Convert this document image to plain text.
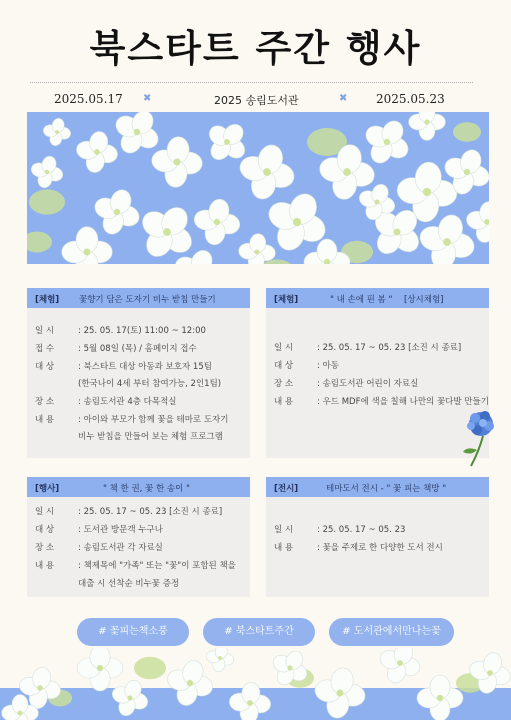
북스타트 주간 행사
2025.05.17 ✖	2025 송림도서관	✖ 2025.05.23
[체험] 꽃향기 담은 도자기 비누 받침 만들기
일 시	: 25. 05. 17(토) 11:00 ~ 12:00
접 수	: 5월 08일 (목) / 홈페이지 접수
대 상	: 북스타트 대상 아동과 보호자 15팀
(한국나이 4세 부터 참여가능, 2인1팀)
장 소	: 송림도서관 4층 다목적실
내 용	: 아이와 부모가 함께 꽃을 테마로 도자기
비누 받침을 만들어 보는 체험 프로그램
[체험]	" 내 손에 핀 봄 " [상시체험]
일 시	: 25. 05. 17 ~ 05. 23 [소진 시 종료]
대 상	: 아동
장 소	: 송림도서관 어린이 자료실
내 용	: 우드 MDF에 색을 칠해 나만의 꽃다발 만들기
[행사]	" 책 한 권, 꽃 한 송이 "
일 시	: 25. 05. 17 ~ 05. 23 [소진 시 종료]
대 상	: 도서관 방문객 누구나
장 소	: 송림도서관 각 자료실
내 용	: 책제목에 "가족" 또는 "꽃"이 포함된 책을
대출 시 선착순 비누꽃 증정
[전시]	테마도서 전시 - " 꽃 피는 책방 "
일 시	: 25. 05. 17 ~ 05. 23
내 용	: 꽃을 주제로 한 다양한 도서 전시
# 꽃피는책소풍	# 북스타트주간	# 도서관에서만나는꽃
